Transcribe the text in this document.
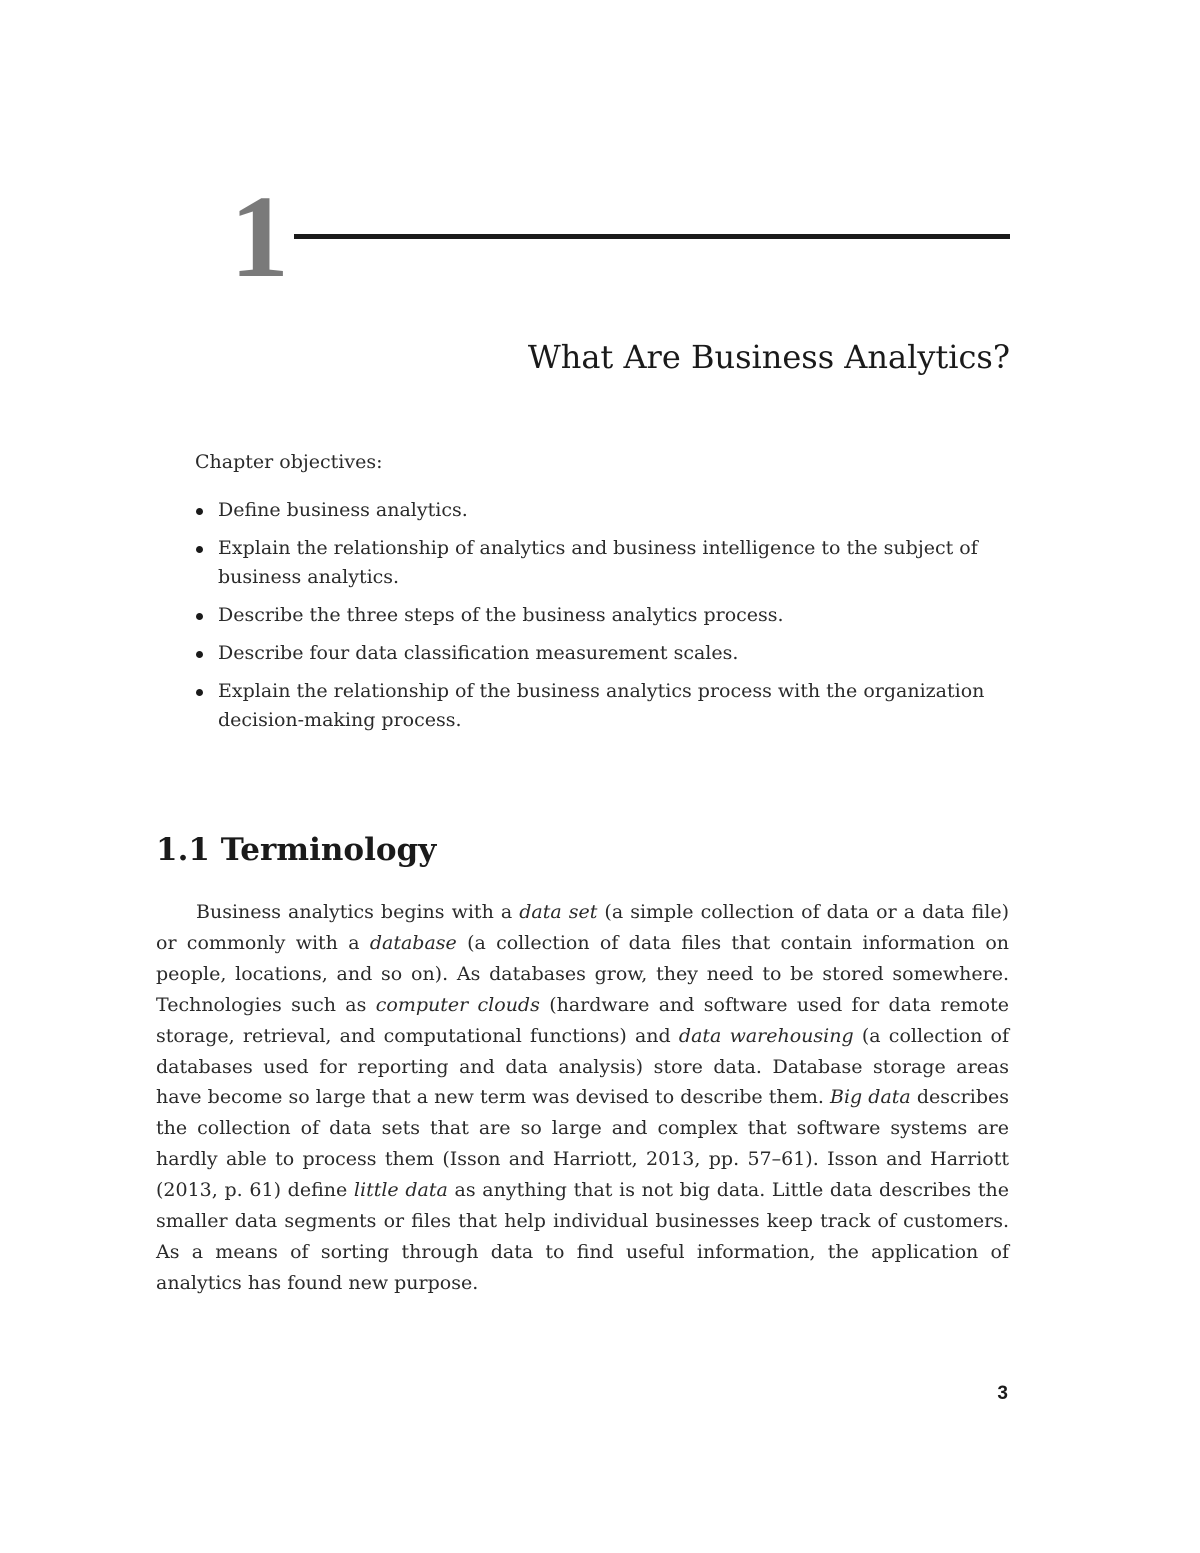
1
What Are Business Analytics?

Chapter objectives:

Define business analytics.
Explain the relationship of analytics and business intelligence to the subject of business analytics.
Describe the three steps of the business analytics process.
Describe four data classification measurement scales.
Explain the relationship of the business analytics process with the organization decision-making process.
1.1 Terminology

Business analytics begins with a data set (a simple collection of data or a data file) or commonly with a database (a collection of data files that contain information on people, locations, and so on). As databases grow, they need to be stored somewhere. Technologies such as computer clouds (hardware and software used for data remote storage, retrieval, and computational functions) and data warehousing (a collection of databases used for reporting and data analysis) store data. Database storage areas have become so large that a new term was devised to describe them. Big data describes the collection of data sets that are so large and complex that software systems are hardly able to process them (Isson and Harriott, 2013, pp. 57–61). Isson and Harriott (2013, p. 61) define little data as anything that is not big data. Little data describes the smaller data segments or files that help individual businesses keep track of customers. As a means of sorting through data to find useful information, the application of analytics has found new purpose.

3
